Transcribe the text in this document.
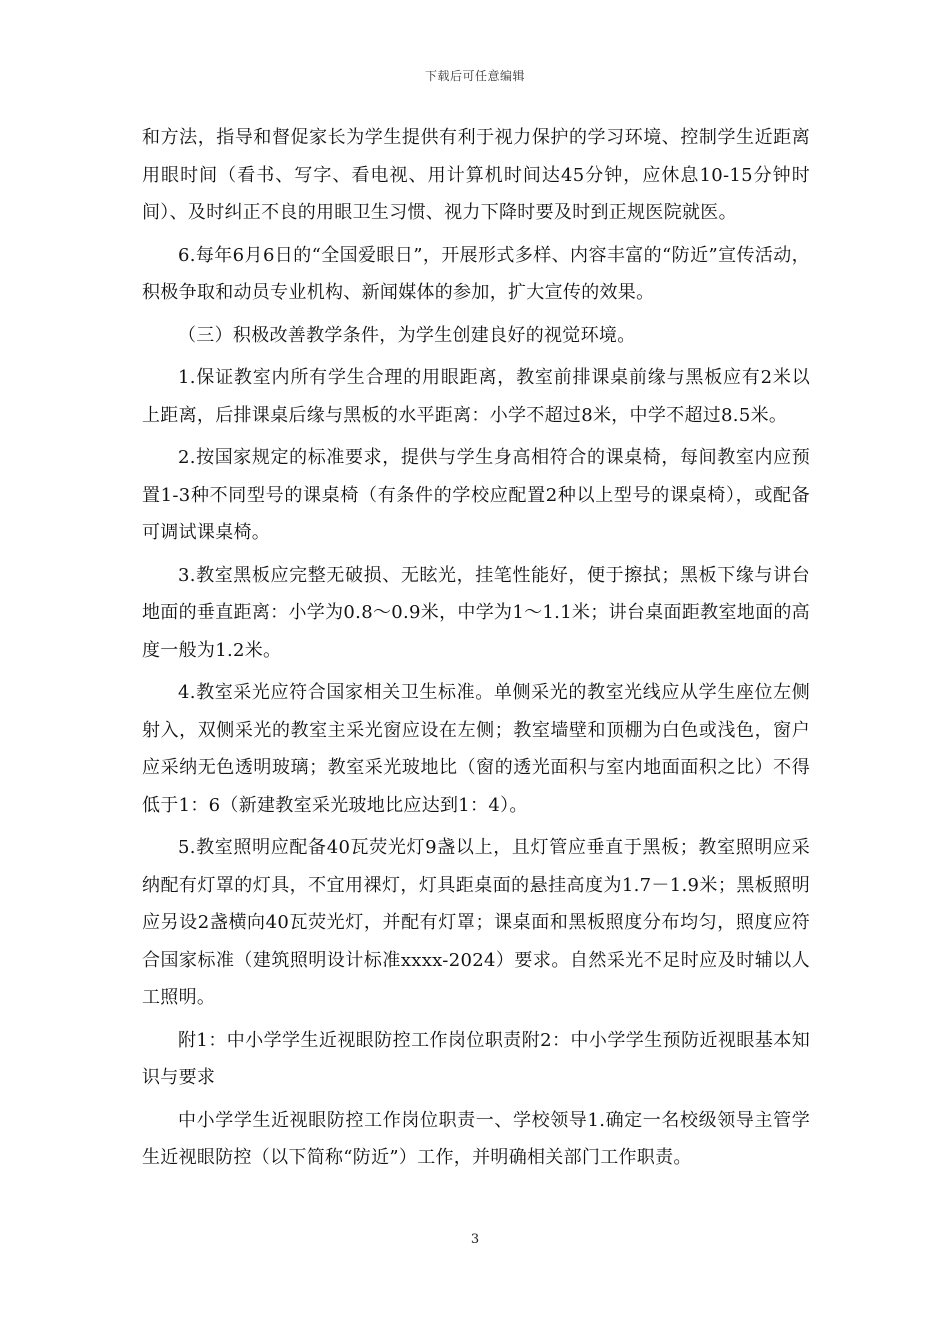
下载后可任意编辑

和方法，指导和督促家长为学生提供有利于视力保护的学习环境、控制学生近距离用眼时间（看书、写字、看电视、用计算机时间达45分钟，应休息10-15分钟时间）、及时纠正不良的用眼卫生习惯、视力下降时要及时到正规医院就医。

6.每年6月6日的“全国爱眼日”，开展形式多样、内容丰富的“防近”宣传活动，积极争取和动员专业机构、新闻媒体的参加，扩大宣传的效果。

（三）积极改善教学条件，为学生创建良好的视觉环境。

1.保证教室内所有学生合理的用眼距离，教室前排课桌前缘与黑板应有2米以上距离，后排课桌后缘与黑板的水平距离：小学不超过8米，中学不超过8.5米。

2.按国家规定的标准要求，提供与学生身高相符合的课桌椅，每间教室内应预置1-3种不同型号的课桌椅（有条件的学校应配置2种以上型号的课桌椅），或配备可调试课桌椅。

3.教室黑板应完整无破损、无眩光，挂笔性能好，便于擦拭；黑板下缘与讲台地面的垂直距离：小学为0.8～0.9米，中学为1～1.1米；讲台桌面距教室地面的高度一般为1.2米。

4.教室采光应符合国家相关卫生标准。单侧采光的教室光线应从学生座位左侧射入，双侧采光的教室主采光窗应设在左侧；教室墙壁和顶棚为白色或浅色，窗户应采纳无色透明玻璃；教室采光玻地比（窗的透光面积与室内地面面积之比）不得低于1：6（新建教室采光玻地比应达到1：4）。

5.教室照明应配备40瓦荧光灯9盏以上，且灯管应垂直于黑板；教室照明应采纳配有灯罩的灯具，不宜用裸灯，灯具距桌面的悬挂高度为1.7－1.9米；黑板照明应另设2盏横向40瓦荧光灯，并配有灯罩；课桌面和黑板照度分布均匀，照度应符合国家标准（建筑照明设计标准xxxx-2024）要求。自然采光不足时应及时辅以人工照明。

附1：中小学学生近视眼防控工作岗位职责附2：中小学学生预防近视眼基本知识与要求

中小学学生近视眼防控工作岗位职责一、学校领导1.确定一名校级领导主管学生近视眼防控（以下简称“防近”）工作，并明确相关部门工作职责。

3
